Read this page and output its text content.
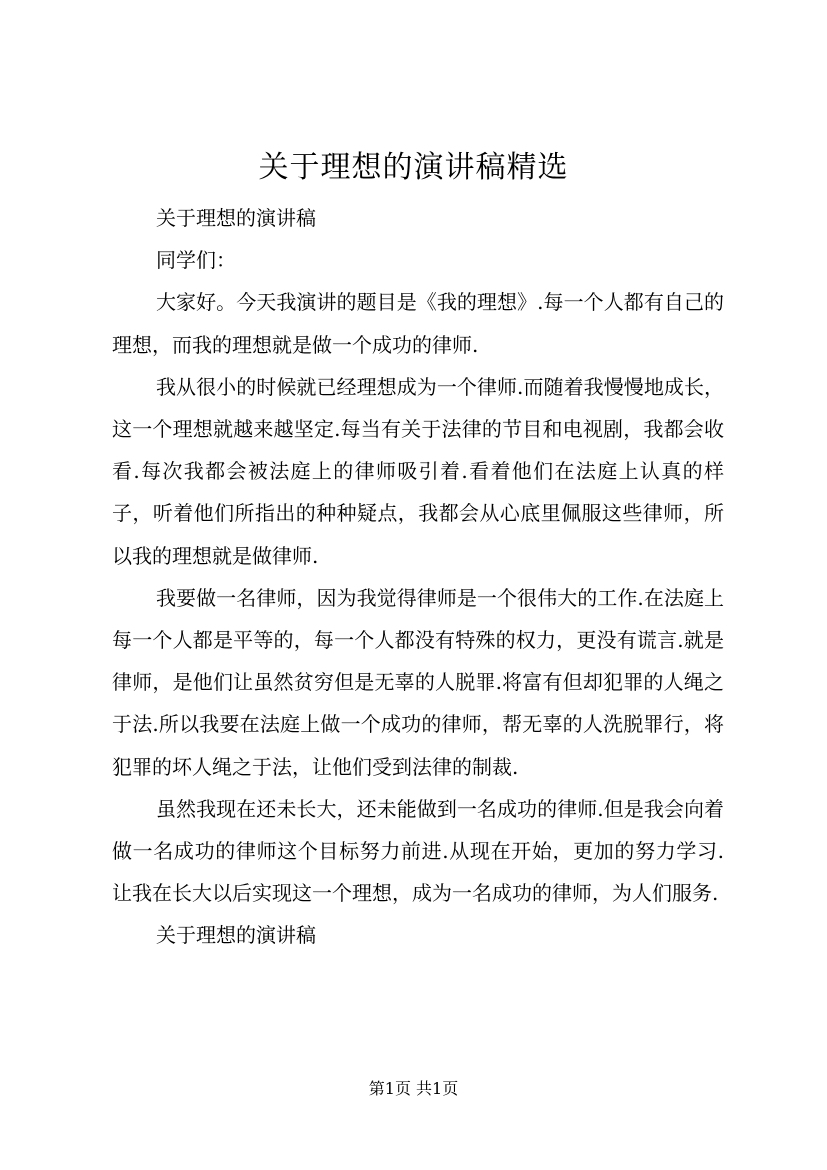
关于理想的演讲稿精选

关于理想的演讲稿

同学们：

大家好。今天我演讲的题目是《我的理想》.每一个人都有自己的理想，而我的理想就是做一个成功的律师.

我从很小的时候就已经理想成为一个律师.而随着我慢慢地成长，这一个理想就越来越坚定.每当有关于法律的节目和电视剧，我都会收看.每次我都会被法庭上的律师吸引着.看着他们在法庭上认真的样子，听着他们所指出的种种疑点，我都会从心底里佩服这些律师，所以我的理想就是做律师.

我要做一名律师，因为我觉得律师是一个很伟大的工作.在法庭上每一个人都是平等的，每一个人都没有特殊的权力，更没有谎言.就是律师，是他们让虽然贫穷但是无辜的人脱罪.将富有但却犯罪的人绳之于法.所以我要在法庭上做一个成功的律师，帮无辜的人洗脱罪行，将犯罪的坏人绳之于法，让他们受到法律的制裁.

虽然我现在还未长大，还未能做到一名成功的律师.但是我会向着做一名成功的律师这个目标努力前进.从现在开始，更加的努力学习.让我在长大以后实现这一个理想，成为一名成功的律师，为人们服务.

关于理想的演讲稿

第1页 共1页
